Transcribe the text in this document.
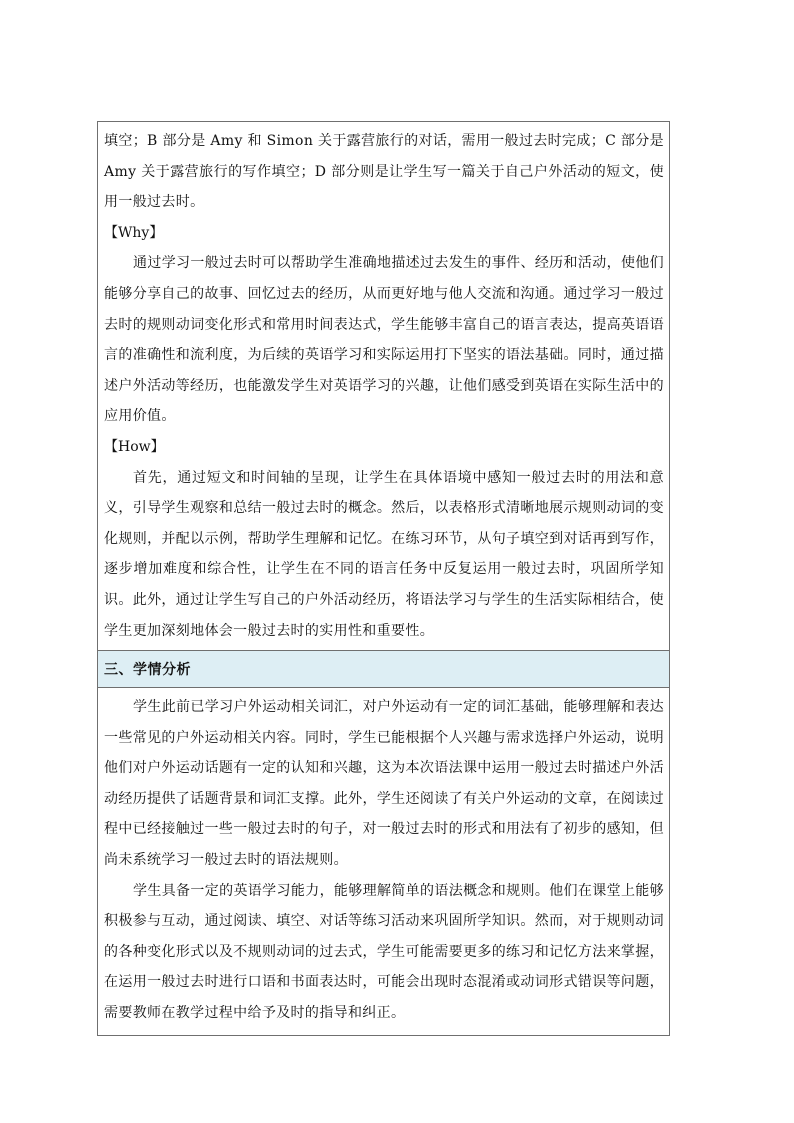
填空；B 部分是 Amy 和 Simon 关于露营旅行的对话，需用一般过去时完成；C 部分是 Amy 关于露营旅行的写作填空；D 部分则是让学生写一篇关于自己户外活动的短文，使用一般过去时。

【Why】

通过学习一般过去时可以帮助学生准确地描述过去发生的事件、经历和活动，使他们能够分享自己的故事、回忆过去的经历，从而更好地与他人交流和沟通。通过学习一般过去时的规则动词变化形式和常用时间表达式，学生能够丰富自己的语言表达，提高英语语言的准确性和流利度，为后续的英语学习和实际运用打下坚实的语法基础。同时，通过描述户外活动等经历，也能激发学生对英语学习的兴趣，让他们感受到英语在实际生活中的应用价值。

【How】

首先，通过短文和时间轴的呈现，让学生在具体语境中感知一般过去时的用法和意义，引导学生观察和总结一般过去时的概念。然后，以表格形式清晰地展示规则动词的变化规则，并配以示例，帮助学生理解和记忆。在练习环节，从句子填空到对话再到写作，逐步增加难度和综合性，让学生在不同的语言任务中反复运用一般过去时，巩固所学知识。此外，通过让学生写自己的户外活动经历，将语法学习与学生的生活实际相结合，使学生更加深刻地体会一般过去时的实用性和重要性。

三、学情分析

学生此前已学习户外运动相关词汇，对户外运动有一定的词汇基础，能够理解和表达一些常见的户外运动相关内容。同时，学生已能根据个人兴趣与需求选择户外运动，说明他们对户外运动话题有一定的认知和兴趣，这为本次语法课中运用一般过去时描述户外活动经历提供了话题背景和词汇支撑。此外，学生还阅读了有关户外运动的文章，在阅读过程中已经接触过一些一般过去时的句子，对一般过去时的形式和用法有了初步的感知，但尚未系统学习一般过去时的语法规则。

学生具备一定的英语学习能力，能够理解简单的语法概念和规则。他们在课堂上能够积极参与互动，通过阅读、填空、对话等练习活动来巩固所学知识。然而，对于规则动词的各种变化形式以及不规则动词的过去式，学生可能需要更多的练习和记忆方法来掌握，在运用一般过去时进行口语和书面表达时，可能会出现时态混淆或动词形式错误等问题，需要教师在教学过程中给予及时的指导和纠正。
